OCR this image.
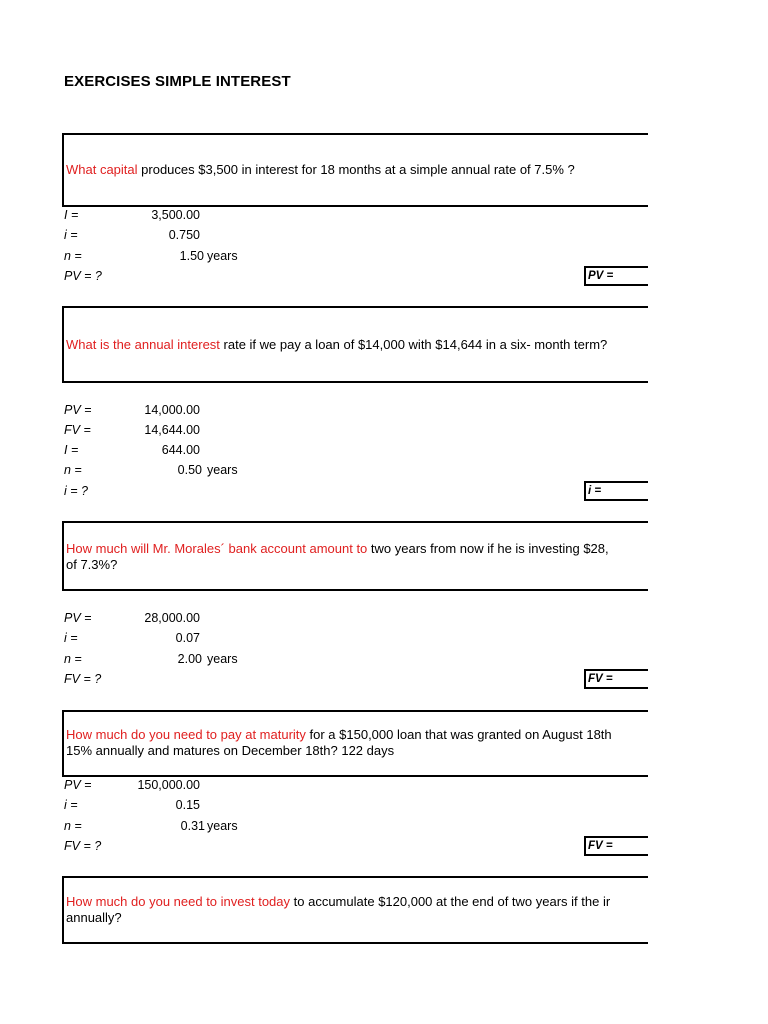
EXERCISES SIMPLE INTEREST
What capital produces $3,500 in interest for 18 months at a simple annual rate of 7.5% ?
I =	3,500.00
i =	0.750
n =	1.50 years
PV = ?	PV =
What is the annual interest rate if we pay a loan of $14,000 with $14,644 in a six- month term?
PV =	14,000.00
FV =	14,644.00
I =	644.00
n =	0.50 years
i = ?	i =
How much will Mr. Morales´ bank account amount to two years from now if he is investing $28,
of 7.3%?
PV =	28,000.00
i =	0.07
n =	2.00 years
FV = ?	FV =
How much do you need to pay at maturity for a $150,000 loan that was granted on August 18th
15% annually and matures on December 18th? 122 days
PV =	150,000.00
i =	0.15
n =	0.31 years
FV = ?	FV =
How much do you need to invest today to accumulate $120,000 at the end of two years if the ir
annually?
